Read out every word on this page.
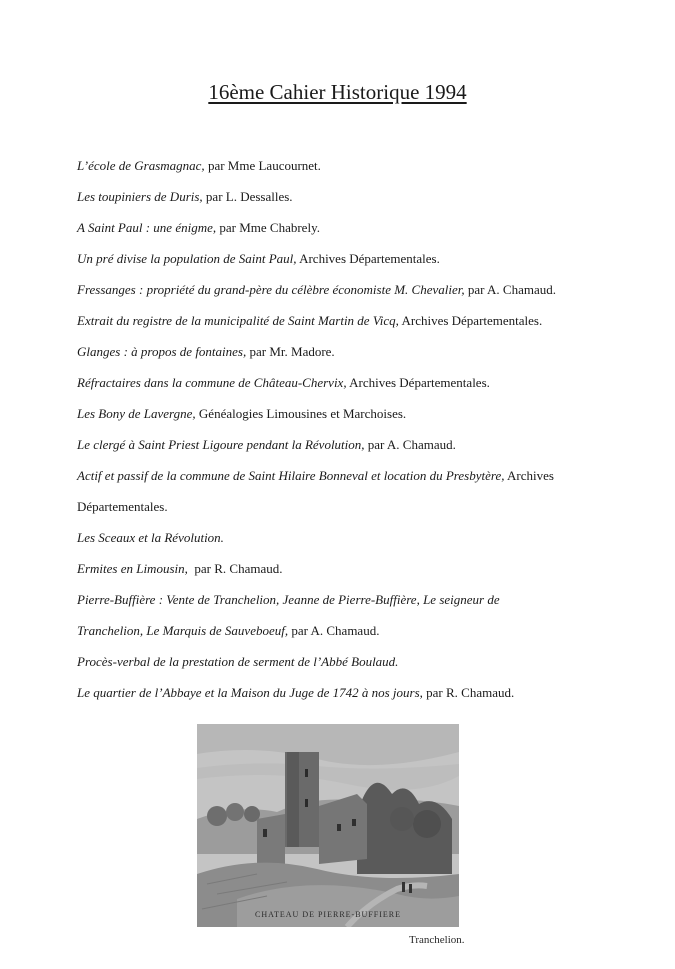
16ème Cahier Historique 1994
L’école de Grasmagnac, par Mme Laucournet.
Les toupiniers de Duris, par L. Dessalles.
A Saint Paul : une énigme, par Mme Chabrely.
Un pré divise la population de Saint Paul, Archives Départementales.
Fressanges : propriété du grand-père du célèbre économiste M. Chevalier, par A. Chamaud.
Extrait du registre de la municipalité de Saint Martin de Vicq, Archives Départementales.
Glanges : à propos de fontaines, par Mr. Madore.
Réfractaires dans la commune de Château-Chervix, Archives Départementales.
Les Bony de Lavergne, Généalogies Limousines et Marchoises.
Le clergé à Saint Priest Ligoure pendant la Révolution, par A. Chamaud.
Actif et passif de la commune de Saint Hilaire Bonneval et location du Presbytère, Archives
Départementales.
Les Sceaux et la Révolution.
Ermites en Limousin,  par R. Chamaud.
Pierre-Buffière : Vente de Tranchelion, Jeanne de Pierre-Buffière, Le seigneur de
Tranchelion, Le Marquis de Sauveboeuf, par A. Chamaud.
Procès-verbal de la prestation de serment de l’Abbé Boulaud.
Le quartier de l’Abbaye et la Maison du Juge de 1742 à nos jours, par R. Chamaud.
CHATEAU DE PIERRE-BUFFIERE
Tranchelion.
